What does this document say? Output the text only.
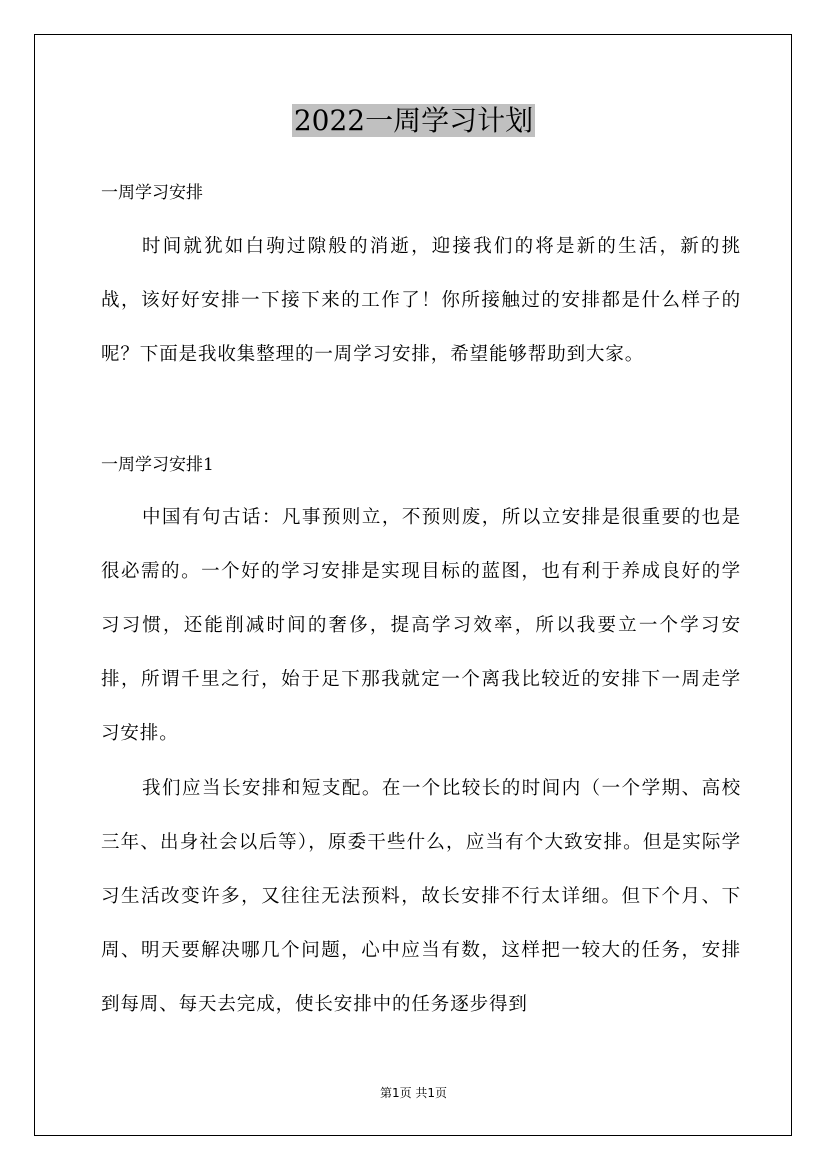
2022一周学习计划
一周学习安排

时间就犹如白驹过隙般的消逝，迎接我们的将是新的生活，新的挑战，该好好安排一下接下来的工作了！你所接触过的安排都是什么样子的呢？下面是我收集整理的一周学习安排，希望能够帮助到大家。

一周学习安排1

中国有句古话：凡事预则立，不预则废，所以立安排是很重要的也是很必需的。一个好的学习安排是实现目标的蓝图，也有利于养成良好的学习习惯，还能削减时间的奢侈，提高学习效率，所以我要立一个学习安排，所谓千里之行，始于足下那我就定一个离我比较近的安排下一周走学习安排。

我们应当长安排和短支配。在一个比较长的时间内（一个学期、高校三年、出身社会以后等），原委干些什么，应当有个大致安排。但是实际学习生活改变许多，又往往无法预料，故长安排不行太详细。但下个月、下周、明天要解决哪几个问题，心中应当有数，这样把一较大的任务，安排到每周、每天去完成，使长安排中的任务逐步得到

第1页 共1页
